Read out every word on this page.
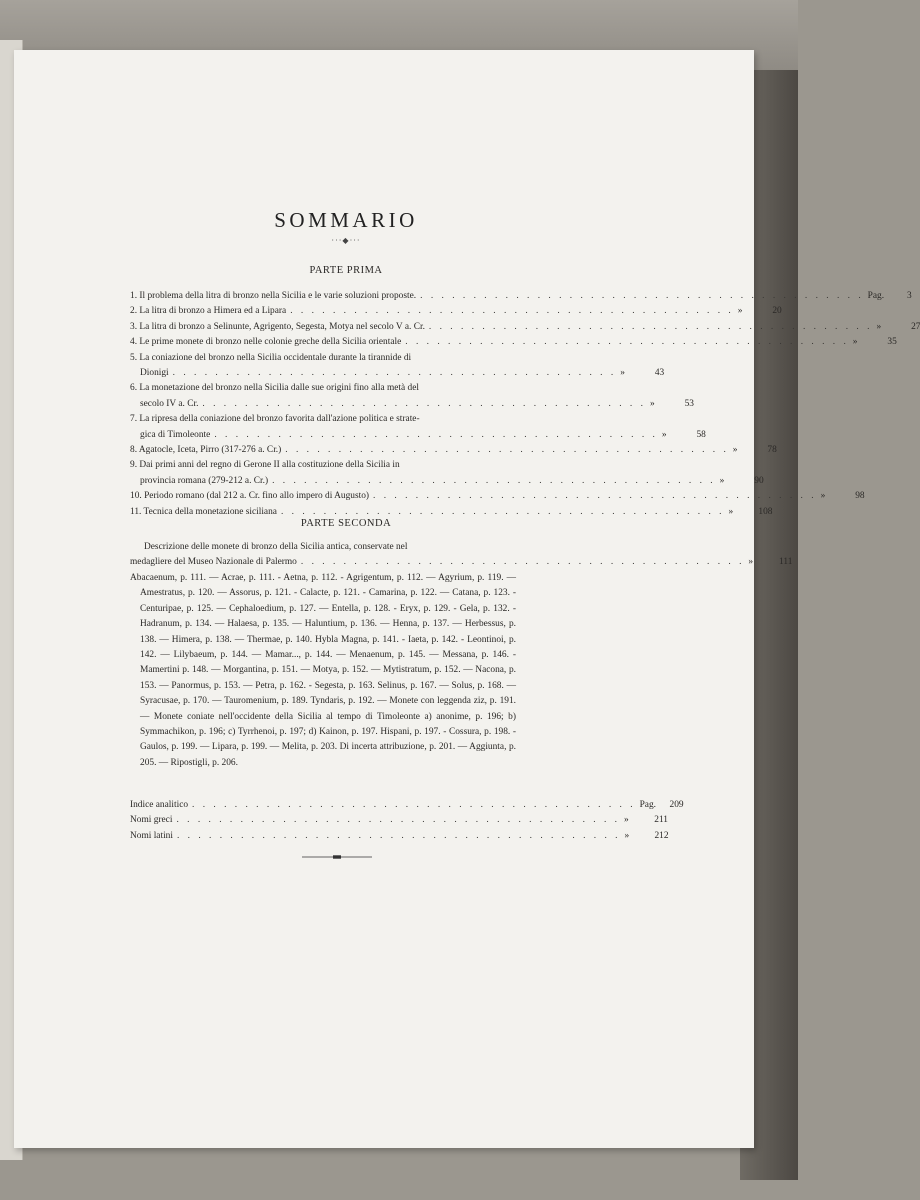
SOMMARIO
···◆···
PARTE PRIMA
1. Il problema della litra di bronzo nella Sicilia e le varie soluzioni proposte. . . . . . . . . . . . . . . . . . . . . . . . . . . . . . . . . . . . . . . . . . . Pag. 3
2. La litra di bronzo a Himera ed a Lipara . . . . . . . . . . . . . . . . . . . . . . . . . . . . . . . . . . . . . . . . . . »	20
3. La litra di bronzo a Selinunte, Agrigento, Segesta, Motya nel secolo V a. Cr. . . . . . . . . . . . . . . . . . . . . . . . . . . . . . . . . . . . . . . . . . . »	27
4. Le prime monete di bronzo nelle colonie greche della Sicilia orientale . . . . . . . . . . . . . . . . . . . . . . . . . . . . . . . . . . . . . . . . . . »	35
5. La coniazione del bronzo nella Sicilia occidentale durante la tirannide di
Dionigi . . . . . . . . . . . . . . . . . . . . . . . . . . . . . . . . . . . . . . . . . . »	43
6. La monetazione del bronzo nella Sicilia dalle sue origini fino alla metà del
secolo IV a. Cr. . . . . . . . . . . . . . . . . . . . . . . . . . . . . . . . . . . . . . . . . . . »	53
7. La ripresa della coniazione del bronzo favorita dall'azione politica e strate-
gica di Timoleonte . . . . . . . . . . . . . . . . . . . . . . . . . . . . . . . . . . . . . . . . . . »	58
8. Agatocle, Iceta, Pirro (317-276 a. Cr.) . . . . . . . . . . . . . . . . . . . . . . . . . . . . . . . . . . . . . . . . . . »	78
9. Dai primi anni del regno di Gerone II alla costituzione della Sicilia in
provincia romana (279-212 a. Cr.) . . . . . . . . . . . . . . . . . . . . . . . . . . . . . . . . . . . . . . . . . . »	90
10. Periodo romano (dal 212 a. Cr. fino allo impero di Augusto) . . . . . . . . . . . . . . . . . . . . . . . . . . . . . . . . . . . . . . . . . . »	98
11. Tecnica della monetazione siciliana . . . . . . . . . . . . . . . . . . . . . . . . . . . . . . . . . . . . . . . . . . »	108
PARTE SECONDA
Descrizione delle monete di bronzo della Sicilia antica, conservate nel
medagliere del Museo Nazionale di Palermo . . . . . . . . . . . . . . . . . . . . . . . . . . . . . . . . . . . . . . . . . . »	111
Abacaenum, p. 111. — Acrae, p. 111. - Aetna, p. 112. - Agrigentum, p. 112. — Agyrium, p. 119. — Amestratus, p. 120. — Assorus, p. 121. - Calacte, p. 121. - Camarina, p. 122. — Catana, p. 123. - Centuripae, p. 125. — Cephaloedium, p. 127. — Entella, p. 128. - Eryx, p. 129. - Gela, p. 132. - Hadranum, p. 134. — Halaesa, p. 135. — Haluntium, p. 136. — Henna, p. 137. — Herbessus, p. 138. — Himera, p. 138. — Thermae, p. 140. Hybla Magna, p. 141. - Iaeta, p. 142. - Leontinoi, p. 142. — Lilybaeum, p. 144. — Mamar..., p. 144. — Menaenum, p. 145. — Messana, p. 146. - Mamertini p. 148. — Morgantina, p. 151. — Motya, p. 152. — Mytistratum, p. 152. — Nacona, p. 153. — Panormus, p. 153. — Petra, p. 162. - Segesta, p. 163. Selinus, p. 167. — Solus, p. 168. — Syracusae, p. 170. — Tauromenium, p. 189. Tyndaris, p. 192. — Monete con leggenda ziz, p. 191. — Monete coniate nell'occidente della Sicilia al tempo di Timoleonte a) anonime, p. 196; b) Symmachikon, p. 196; c) Tyrrhenoi, p. 197; d) Kainon, p. 197. Hispani, p. 197. - Cossura, p. 198. - Gaulos, p. 199. — Lipara, p. 199. — Melita, p. 203. Di incerta attribuzione, p. 201. — Aggiunta, p. 205. — Ripostigli, p. 206.
Indice analitico . . . . . . . . . . . . . . . . . . . . . . . . . . . . . . . . . . . . . . . . . . Pag. 209
Nomi greci . . . . . . . . . . . . . . . . . . . . . . . . . . . . . . . . . . . . . . . . . . »	211
Nomi latini . . . . . . . . . . . . . . . . . . . . . . . . . . . . . . . . . . . . . . . . . . »	212
